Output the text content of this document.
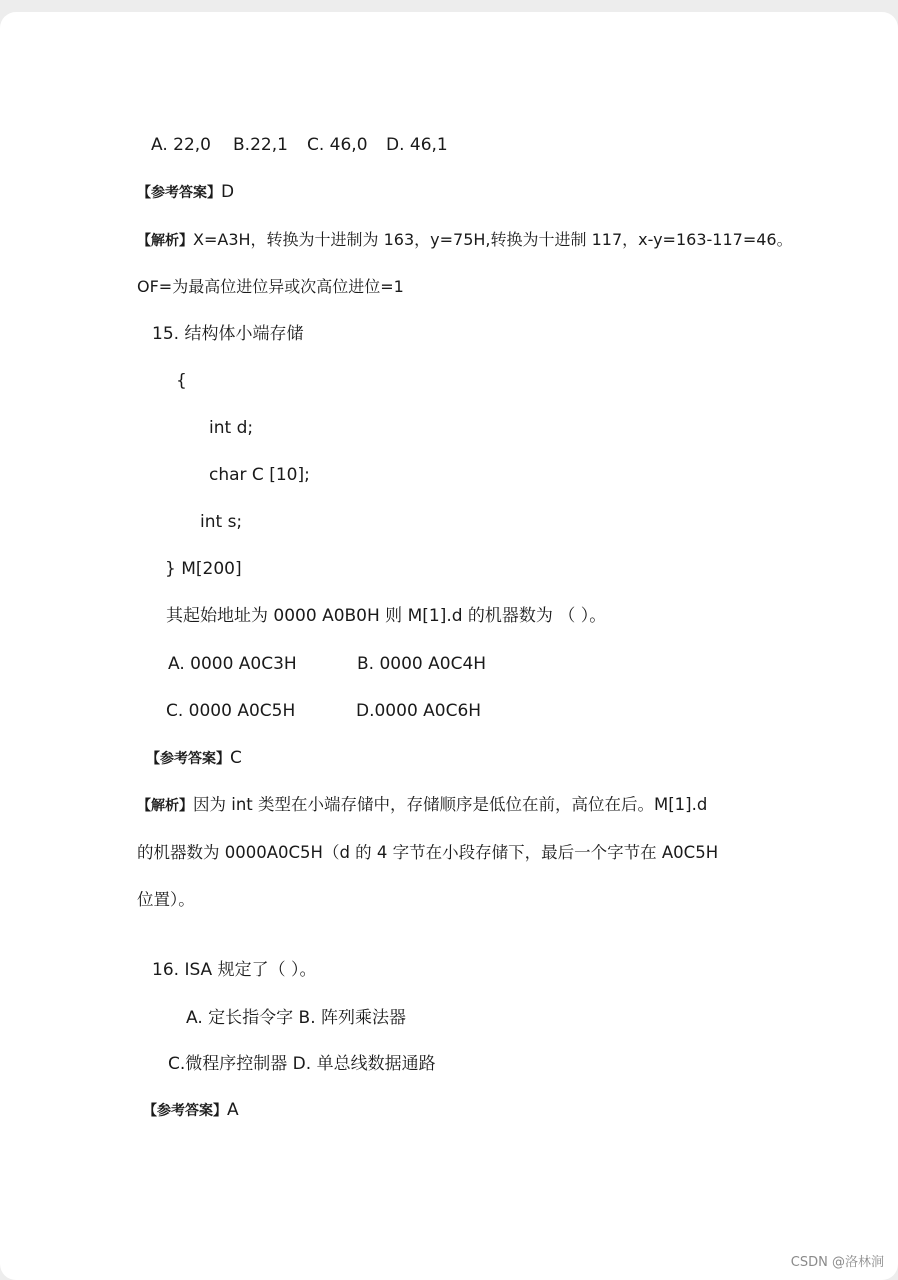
A. 22,0 B.22,1 C. 46,0 D. 46,1
【参考答案】D
【解析】X=A3H，转换为十进制为 163，y=75H,转换为十进制 117，x-y=163-117=46。
OF=为最高位进位异或次高位进位=1
15. 结构体小端存储
{
int d;
char C [10];
int s;
} M[200]
其起始地址为 0000 A0B0H 则 M[1].d 的机器数为 （ ）。
A. 0000 A0C3H	B. 0000 A0C4H
C. 0000 A0C5H	D.0000 A0C6H
【参考答案】C
【解析】因为 int 类型在小端存储中，存储顺序是低位在前，高位在后。M[1].d
的机器数为 0000A0C5H（d 的 4 字节在小段存储下，最后一个字节在 A0C5H
位置）。
16. ISA 规定了（ ）。
A. 定长指令字 B. 阵列乘法器
C.微程序控制器 D. 单总线数据通路
【参考答案】A
CSDN @洛林涧
